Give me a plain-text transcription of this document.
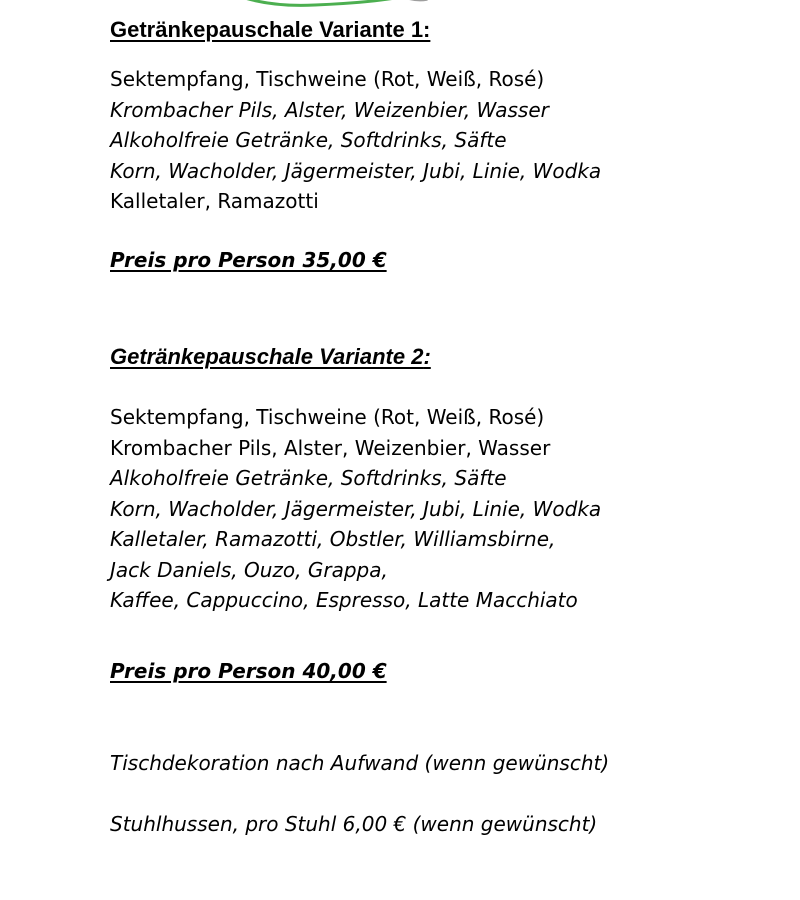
Getränkepauschale Variante 1:
Sektempfang, Tischweine (Rot, Weiß, Rosé)
Krombacher Pils, Alster, Weizenbier, Wasser
Alkoholfreie Getränke, Softdrinks, Säfte
Korn, Wacholder, Jägermeister, Jubi, Linie, Wodka
Kalletaler, Ramazotti

Preis pro Person 35,00 €

Getränkepauschale Variante 2:
Sektempfang, Tischweine (Rot, Weiß, Rosé)
Krombacher Pils, Alster, Weizenbier, Wasser
Alkoholfreie Getränke, Softdrinks, Säfte
Korn, Wacholder, Jägermeister, Jubi, Linie, Wodka
Kalletaler, Ramazotti, Obstler, Williamsbirne,
Jack Daniels, Ouzo, Grappa,
Kaffee, Cappuccino, Espresso, Latte Macchiato

Preis pro Person 40,00 €

Tischdekoration nach Aufwand (wenn gewünscht)

Stuhlhussen, pro Stuhl 6,00 € (wenn gewünscht)
